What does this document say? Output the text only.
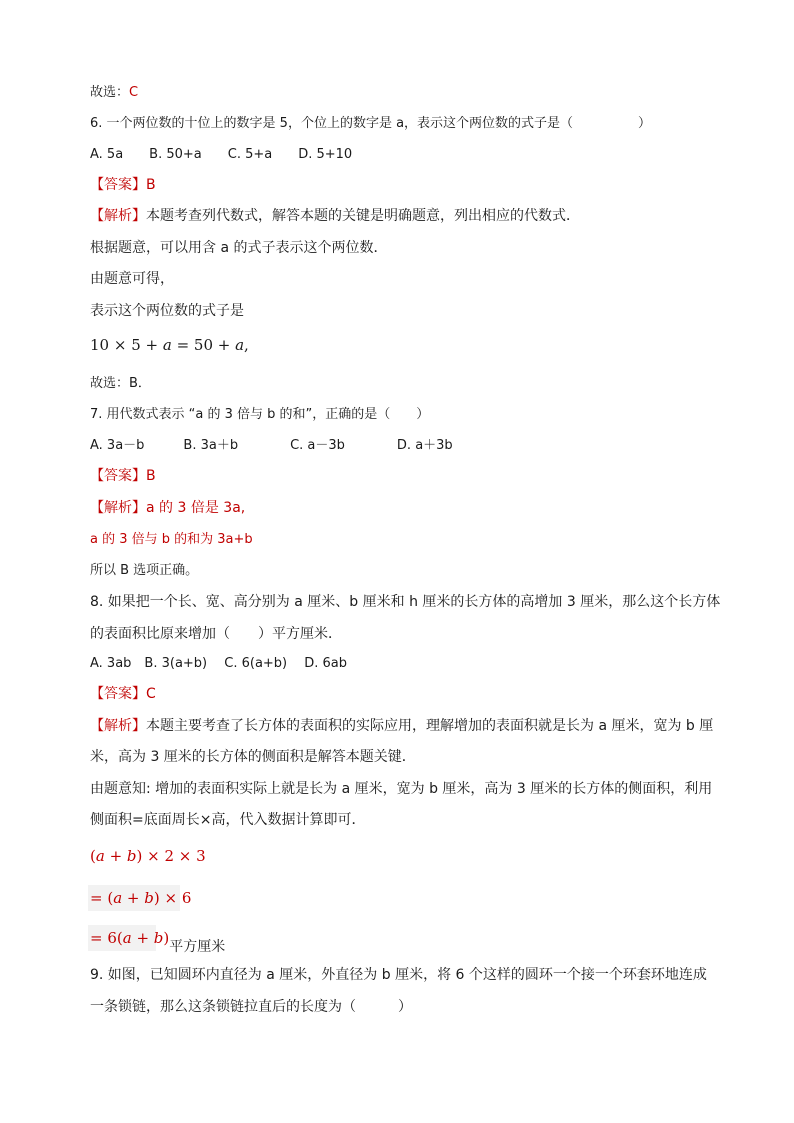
故选：C
6. 一个两位数的十位上的数字是 5，个位上的数字是 a，表示这个两位数的式子是（　　　　　）
A. 5a　　B. 50+a　　C. 5+a　　D. 5+10
【答案】B
【解析】本题考查列代数式，解答本题的关键是明确题意，列出相应的代数式．
根据题意，可以用含 a 的式子表示这个两位数．
由题意可得，
表示这个两位数的式子是
10 × 5 + a = 50 + a,
故选：B．
7. 用代数式表示 “a 的 3 倍与 b 的和”，正确的是（　　）
A. 3a－b　　　B. 3a＋b　　　　C. a－3b　　　　D. a＋3b
【答案】B
【解析】a 的 3 倍是 3a,
a 的 3 倍与 b 的和为 3a+b
所以 B 选项正确。
8. 如果把一个长、宽、高分别为 a 厘米、b 厘米和 h 厘米的长方体的高增加 3 厘米，那么这个长方体
的表面积比原来增加（　　）平方厘米．
A. 3ab　B. 3(a+b)　 C. 6(a+b)　 D. 6ab
【答案】C
【解析】本题主要考查了长方体的表面积的实际应用，理解增加的表面积就是长为 a 厘米，宽为 b 厘
米，高为 3 厘米的长方体的侧面积是解答本题关键．
由题意知: 增加的表面积实际上就是长为 a 厘米，宽为 b 厘米，高为 3 厘米的长方体的侧面积，利用
侧面积=底面周长×高，代入数据计算即可．
(a + b) × 2 × 3
= (a + b) × 6
= 6(a + b)平方厘米
9. 如图，已知圆环内直径为 a 厘米，外直径为 b 厘米，将 6 个这样的圆环一个接一个环套环地连成
一条锁链，那么这条锁链拉直后的长度为（　　　）
